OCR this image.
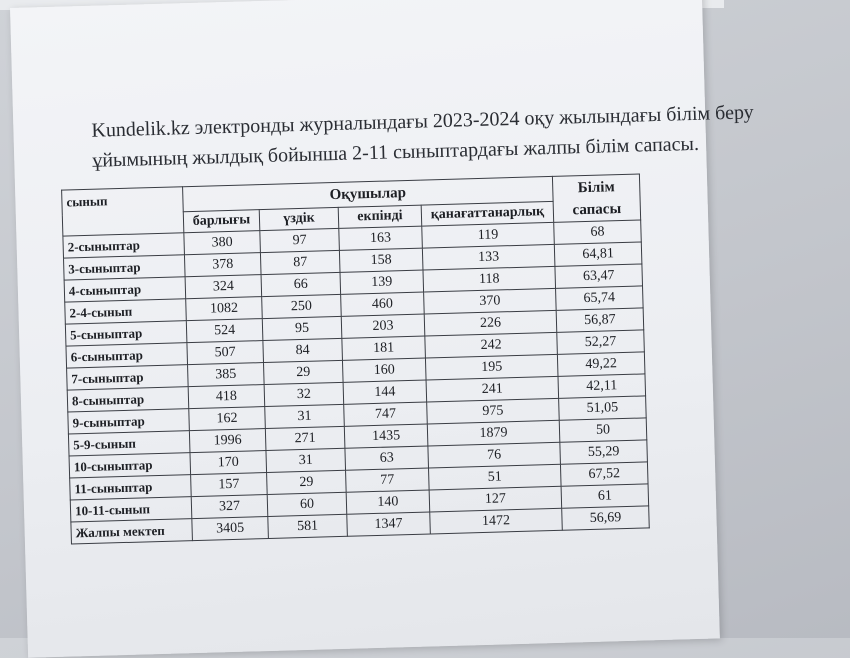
Kundelik.kz электронды журналындағы 2023-2024 оқу жылындағы білім беру
ұйымының жылдық бойынша 2-11 сыныптардағы жалпы білім сапасы.

сынып	Оқушылар				Білім сапасы
	барлығы	үздік	екпінді	қанағаттанарлық	
2-сыныптар	380	97	163	119	68
3-сыныптар	378	87	158	133	64,81
4-сыныптар	324	66	139	118	63,47
2-4-сынып	1082	250	460	370	65,74
5-сыныптар	524	95	203	226	56,87
6-сыныптар	507	84	181	242	52,27
7-сыныптар	385	29	160	195	49,22
8-сыныптар	418	32	144	241	42,11
9-сыныптар	162	31	747	975	51,05
5-9-сынып	1996	271	1435	1879	50
10-сыныптар	170	31	63	76	55,29
11-сыныптар	157	29	77	51	67,52
10-11-сынып	327	60	140	127	61
Жалпы мектеп	3405	581	1347	1472	56,69
